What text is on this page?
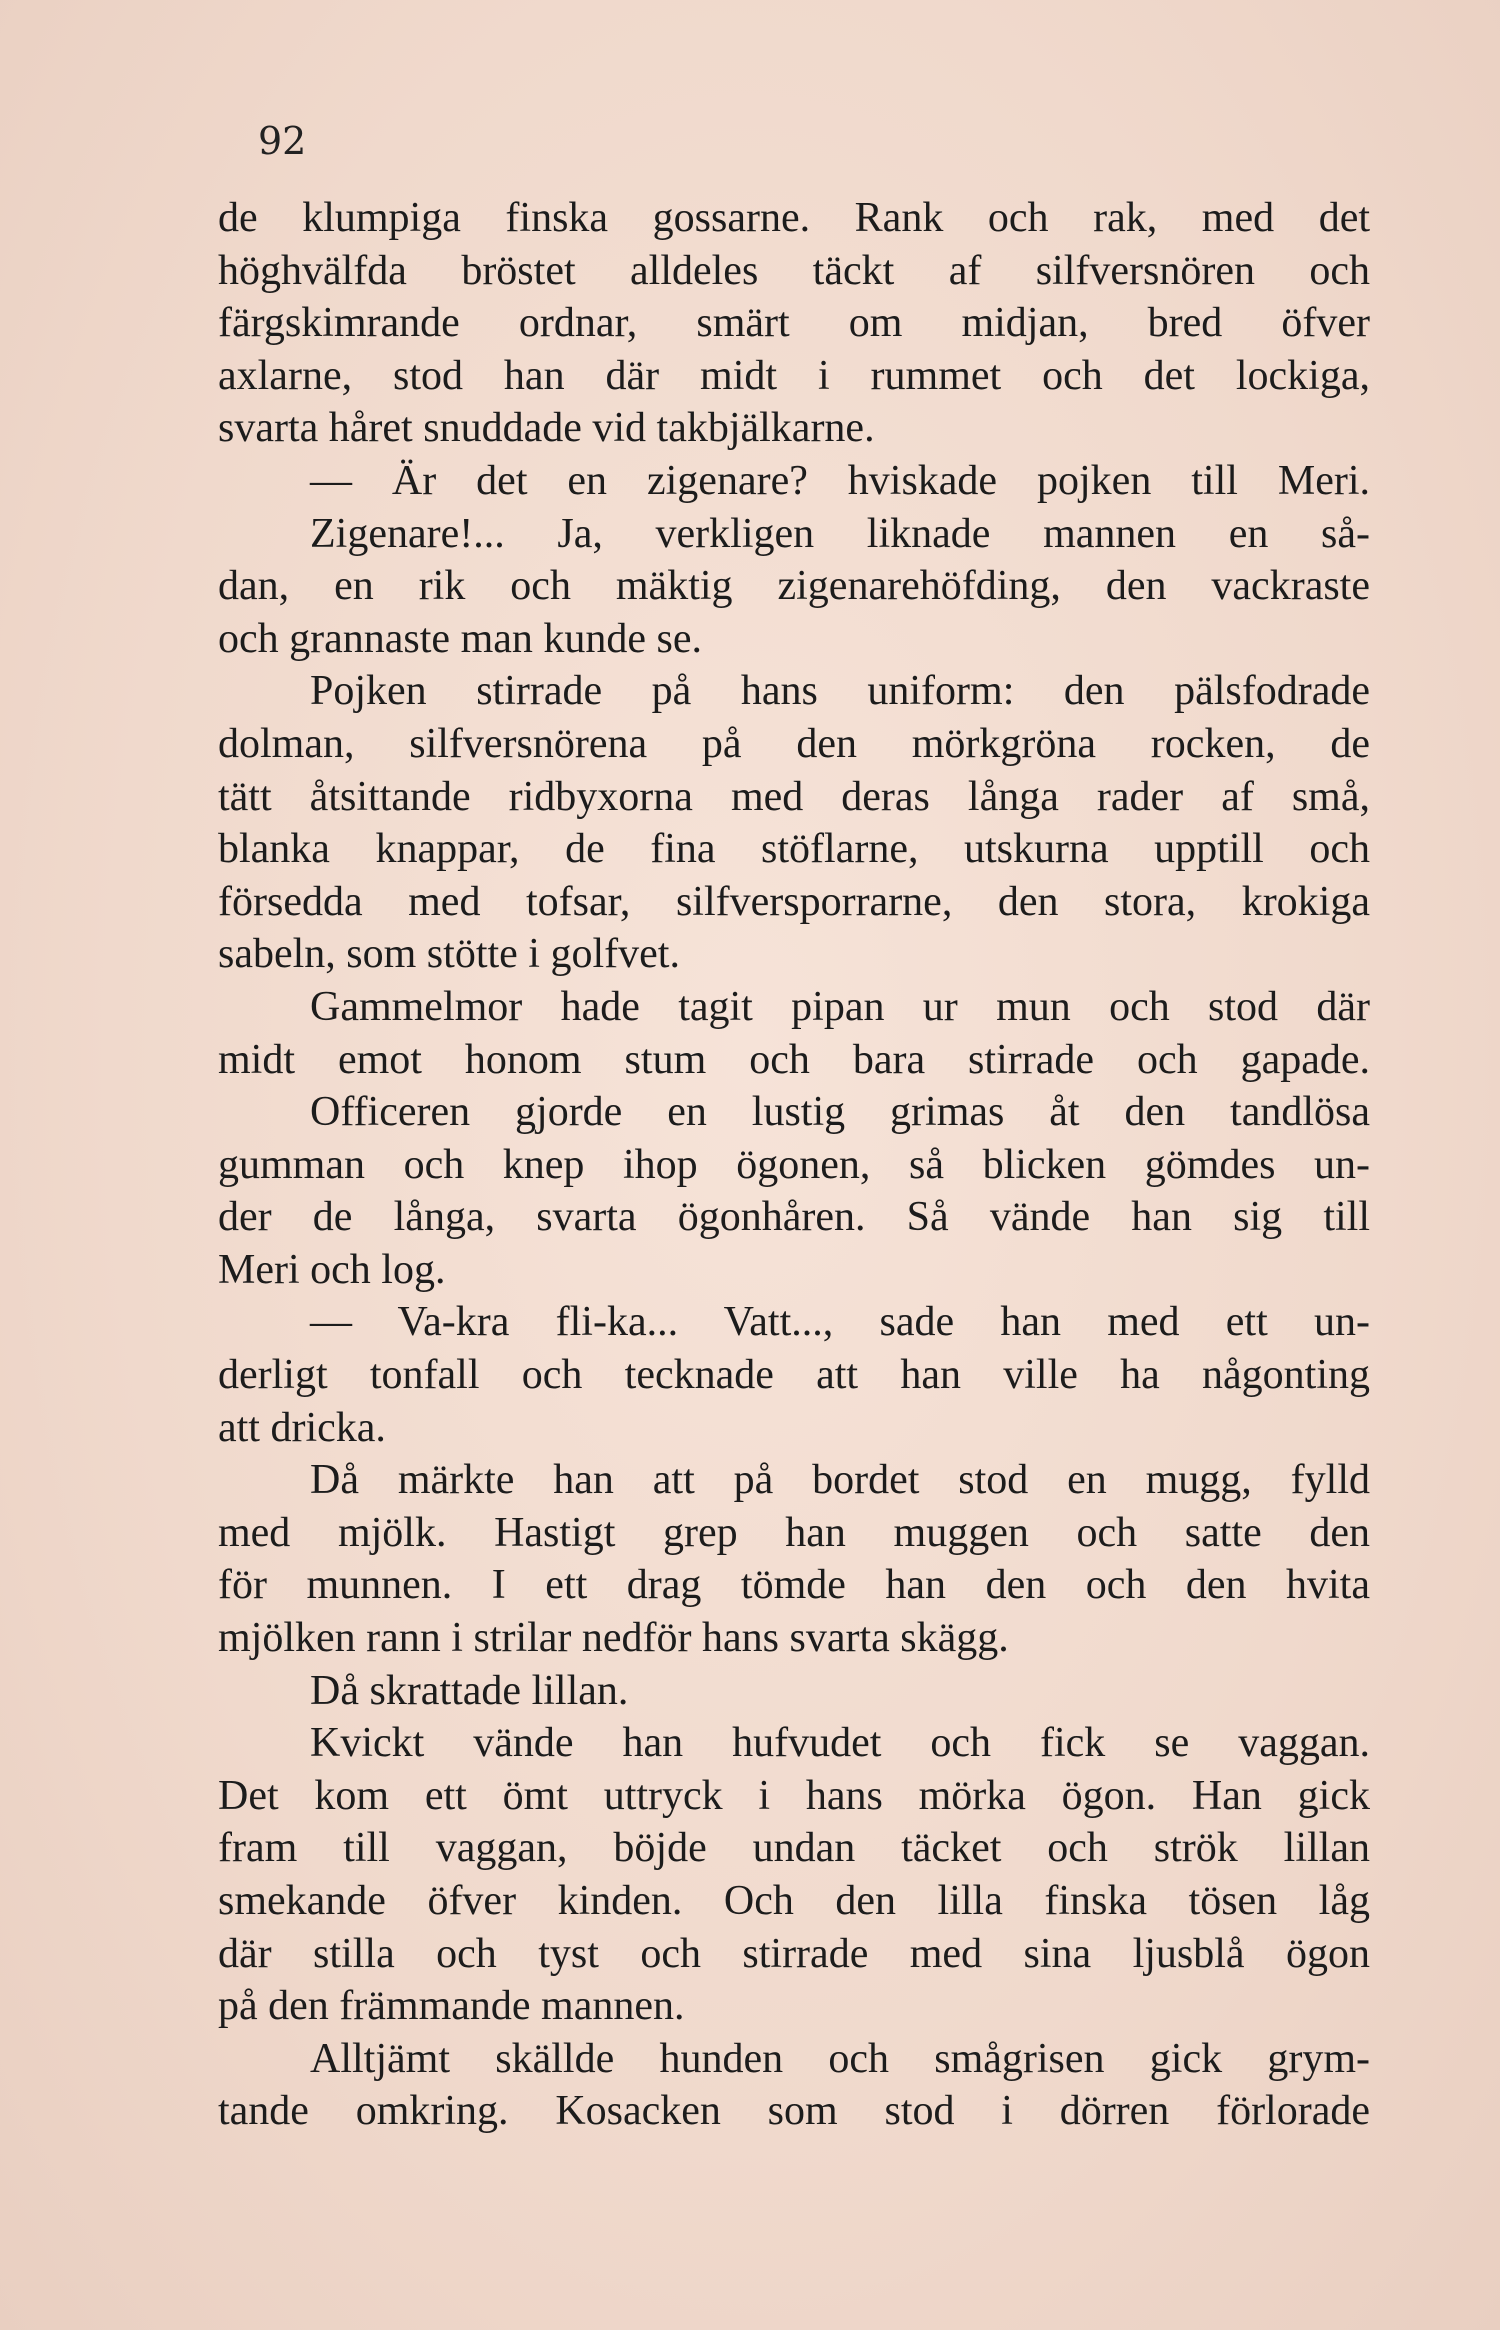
92
de klumpiga finska gossarne. Rank och rak, med det
höghvälfda bröstet alldeles täckt af silfversnören och
färgskimrande ordnar, smärt om midjan, bred öfver
axlarne, stod han där midt i rummet och det lockiga,
svarta håret snuddade vid takbjälkarne.
— Är det en zigenare? hviskade pojken till Meri.
Zigenare!... Ja, verkligen liknade mannen en så-
dan, en rik och mäktig zigenarehöfding, den vackraste
och grannaste man kunde se.
Pojken stirrade på hans uniform: den pälsfodrade
dolman, silfversnörena på den mörkgröna rocken, de
tätt åtsittande ridbyxorna med deras långa rader af små,
blanka knappar, de fina stöflarne, utskurna upptill och
försedda med tofsar, silfversporrarne, den stora, krokiga
sabeln, som stötte i golfvet.
Gammelmor hade tagit pipan ur mun och stod där
midt emot honom stum och bara stirrade och gapade.
Officeren gjorde en lustig grimas åt den tandlösa
gumman och knep ihop ögonen, så blicken gömdes un-
der de långa, svarta ögonhåren. Så vände han sig till
Meri och log.
— Va-kra fli-ka... Vatt..., sade han med ett un-
derligt tonfall och tecknade att han ville ha någonting
att dricka.
Då märkte han att på bordet stod en mugg, fylld
med mjölk. Hastigt grep han muggen och satte den
för munnen. I ett drag tömde han den och den hvita
mjölken rann i strilar nedför hans svarta skägg.
Då skrattade lillan.
Kvickt vände han hufvudet och fick se vaggan.
Det kom ett ömt uttryck i hans mörka ögon. Han gick
fram till vaggan, böjde undan täcket och strök lillan
smekande öfver kinden. Och den lilla finska tösen låg
där stilla och tyst och stirrade med sina ljusblå ögon
på den främmande mannen.
Alltjämt skällde hunden och smågrisen gick grym-
tande omkring. Kosacken som stod i dörren förlorade
